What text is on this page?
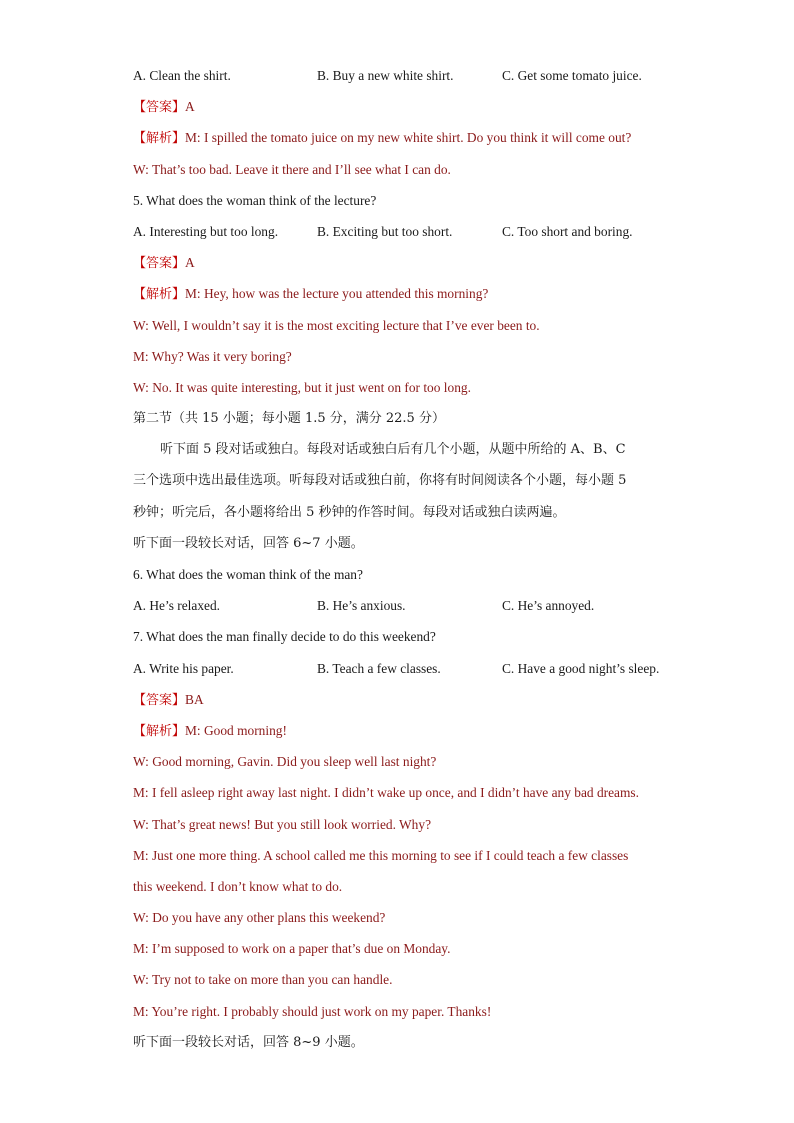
A. Clean the shirt.	B. Buy a new white shirt.	C. Get some tomato juice.
【答案】A
【解析】M: I spilled the tomato juice on my new white shirt. Do you think it will come out?
W: That’s too bad. Leave it there and I’ll see what I can do.
5. What does the woman think of the lecture?
A. Interesting but too long.	B. Exciting but too short.	C. Too short and boring.
【答案】A
【解析】M: Hey, how was the lecture you attended this morning?
W: Well, I wouldn’t say it is the most exciting lecture that I’ve ever been to.
M: Why? Was it very boring?
W: No. It was quite interesting, but it just went on for too long.
第二节（共 15 小题；每小题 1.5 分，满分 22.5 分）
听下面 5 段对话或独白。每段对话或独白后有几个小题，从题中所给的 A、B、C
三个选项中选出最佳选项。听每段对话或独白前，你将有时间阅读各个小题，每小题 5
秒钟；听完后，各小题将给出 5 秒钟的作答时间。每段对话或独白读两遍。
听下面一段较长对话，回答 6~7 小题。
6. What does the woman think of the man?
A. He’s relaxed.	B. He’s anxious.	C. He’s annoyed.
7. What does the man finally decide to do this weekend?
A. Write his paper.	B. Teach a few classes.	C. Have a good night’s sleep.
【答案】BA
【解析】M: Good morning!
W: Good morning, Gavin. Did you sleep well last night?
M: I fell asleep right away last night. I didn’t wake up once, and I didn’t have any bad dreams.
W: That’s great news! But you still look worried. Why?
M: Just one more thing. A school called me this morning to see if I could teach a few classes
this weekend. I don’t know what to do.
W: Do you have any other plans this weekend?
M: I’m supposed to work on a paper that’s due on Monday.
W: Try not to take on more than you can handle.
M: You’re right. I probably should just work on my paper. Thanks!
听下面一段较长对话，回答 8~9 小题。
